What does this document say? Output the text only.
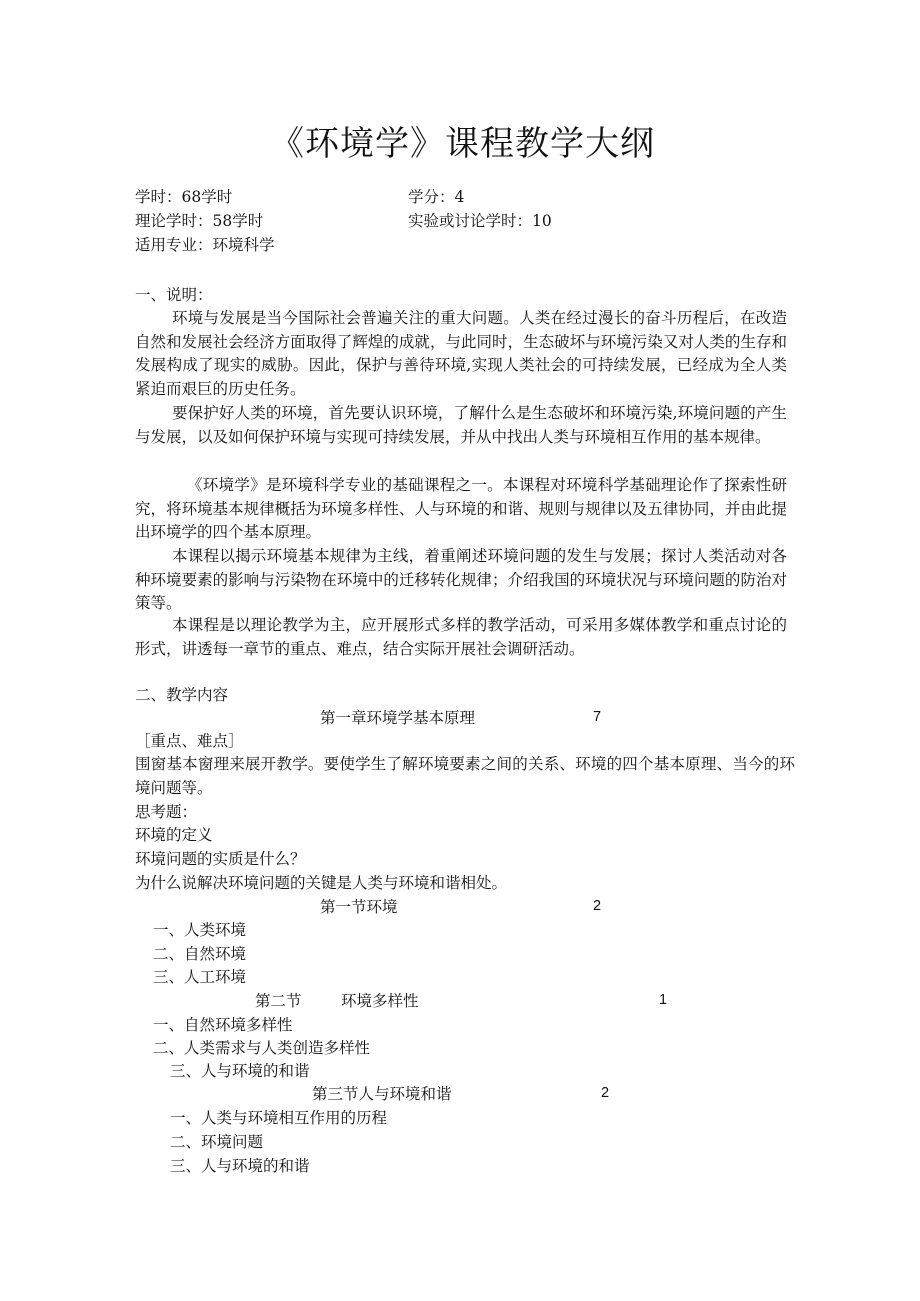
《环境学》课程教学大纲
学时：68学时	学分：4
理论学时：58学时	实验或讨论学时：10
适用专业：环境科学
一、说明：
环境与发展是当今国际社会普遍关注的重大问题。人类在经过漫长的奋斗历程后，在改造自然和发展社会经济方面取得了辉煌的成就，与此同时，生态破坏与环境污染又对人类的生存和发展构成了现实的威胁。因此，保护与善待环境,实现人类社会的可持续发展，已经成为全人类紧迫而艰巨的历史任务。
要保护好人类的环境，首先要认识环境，了解什么是生态破坏和环境污染,环境问题的产生与发展，以及如何保护环境与实现可持续发展，并从中找出人类与环境相互作用的基本规律。
《环境学》是环境科学专业的基础课程之一。本课程对环境科学基础理论作了探索性研究，将环境基本规律概括为环境多样性、人与环境的和谐、规则与规律以及五律协同，并由此提出环境学的四个基本原理。
本课程以揭示环境基本规律为主线，着重阐述环境问题的发生与发展；探讨人类活动对各种环境要素的影响与污染物在环境中的迁移转化规律；介绍我国的环境状况与环境问题的防治对策等。
本课程是以理论教学为主，应开展形式多样的教学活动，可采用多媒体教学和重点讨论的形式，讲透每一章节的重点、难点，结合实际开展社会调研活动。
二、教学内容
第一章环境学基本原理	7
［重点、难点］
围窗基本窗理来展开教学。要使学生了解环境要素之间的关系、环境的四个基本原理、当今的环境问题等。
思考题：
环境的定义
环境问题的实质是什么？
为什么说解决环境问题的关键是人类与环境和谐相处。
第一节环境	2
一、人类环境
二、自然环境
三、人工环境
第二节	环境多样性	1
一、自然环境多样性
二、人类需求与人类创造多样性
三、人与环境的和谐
第三节人与环境和谐	2
一、人类与环境相互作用的历程
二、环境问题
三、人与环境的和谐
